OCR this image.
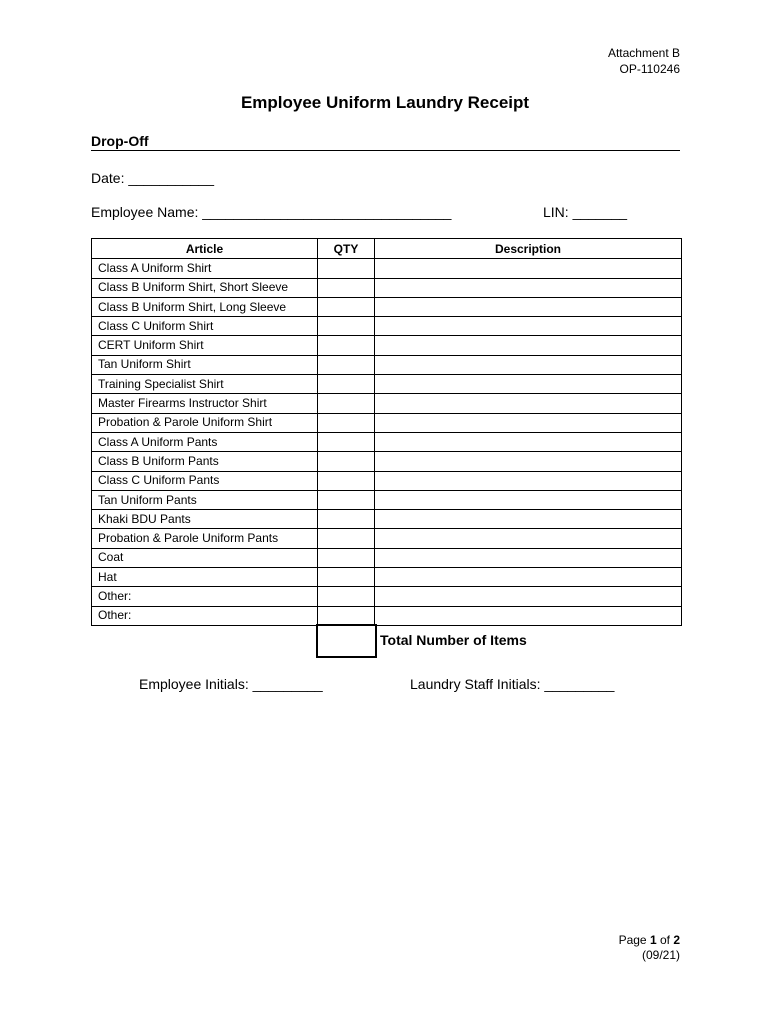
Attachment B
OP-110246
Employee Uniform Laundry Receipt
Drop-Off
Date: ___________
Employee Name: ________________________________	LIN: _______
Article	QTY	Description
Class A Uniform Shirt		
Class B Uniform Shirt, Short Sleeve		
Class B Uniform Shirt, Long Sleeve		
Class C Uniform Shirt		
CERT Uniform Shirt		
Tan Uniform Shirt		
Training Specialist Shirt		
Master Firearms Instructor Shirt		
Probation & Parole Uniform Shirt		
Class A Uniform Pants		
Class B Uniform Pants		
Class C Uniform Pants		
Tan Uniform Pants		
Khaki BDU Pants		
Probation & Parole Uniform Pants		
Coat		
Hat		
Other:		
Other:		
Total Number of Items
Employee Initials: _________	Laundry Staff Initials: _________
Page 1 of 2
(09/21)
